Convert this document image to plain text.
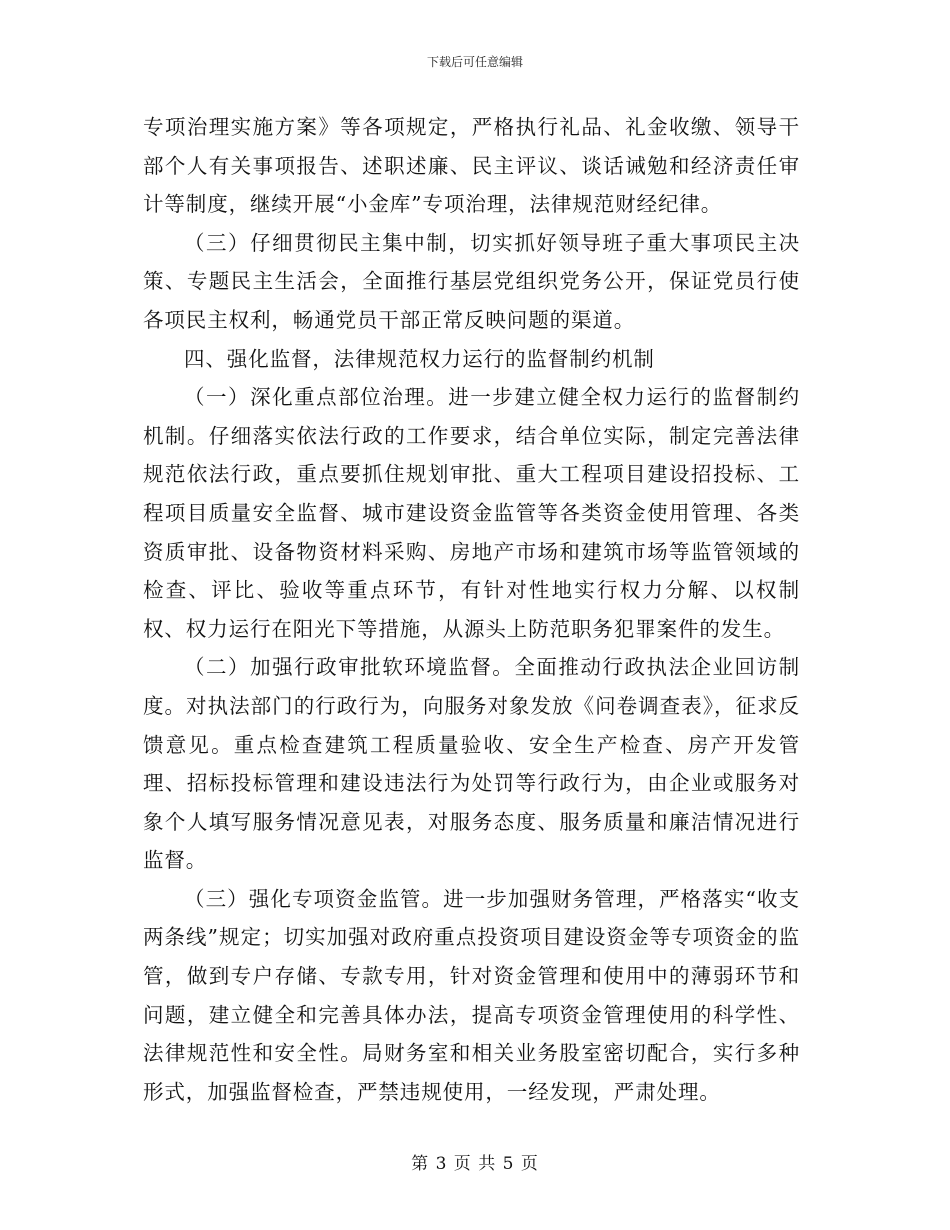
下载后可任意编辑

专项治理实施方案》等各项规定，严格执行礼品、礼金收缴、领导干部个人有关事项报告、述职述廉、民主评议、谈话诫勉和经济责任审计等制度，继续开展“小金库”专项治理，法律规范财经纪律。

（三）仔细贯彻民主集中制，切实抓好领导班子重大事项民主决策、专题民主生活会，全面推行基层党组织党务公开，保证党员行使各项民主权利，畅通党员干部正常反映问题的渠道。

四、强化监督，法律规范权力运行的监督制约机制

（一）深化重点部位治理。进一步建立健全权力运行的监督制约机制。仔细落实依法行政的工作要求，结合单位实际，制定完善法律规范依法行政，重点要抓住规划审批、重大工程项目建设招投标、工程项目质量安全监督、城市建设资金监管等各类资金使用管理、各类资质审批、设备物资材料采购、房地产市场和建筑市场等监管领域的检查、评比、验收等重点环节，有针对性地实行权力分解、以权制权、权力运行在阳光下等措施，从源头上防范职务犯罪案件的发生。

（二）加强行政审批软环境监督。全面推动行政执法企业回访制度。对执法部门的行政行为，向服务对象发放《问卷调查表》，征求反馈意见。重点检查建筑工程质量验收、安全生产检查、房产开发管理、招标投标管理和建设违法行为处罚等行政行为，由企业或服务对象个人填写服务情况意见表，对服务态度、服务质量和廉洁情况进行监督。

（三）强化专项资金监管。进一步加强财务管理，严格落实“收支两条线”规定；切实加强对政府重点投资项目建设资金等专项资金的监管，做到专户存储、专款专用，针对资金管理和使用中的薄弱环节和问题，建立健全和完善具体办法，提高专项资金管理使用的科学性、法律规范性和安全性。局财务室和相关业务股室密切配合，实行多种形式，加强监督检查，严禁违规使用，一经发现，严肃处理。

第 3 页 共 5 页
